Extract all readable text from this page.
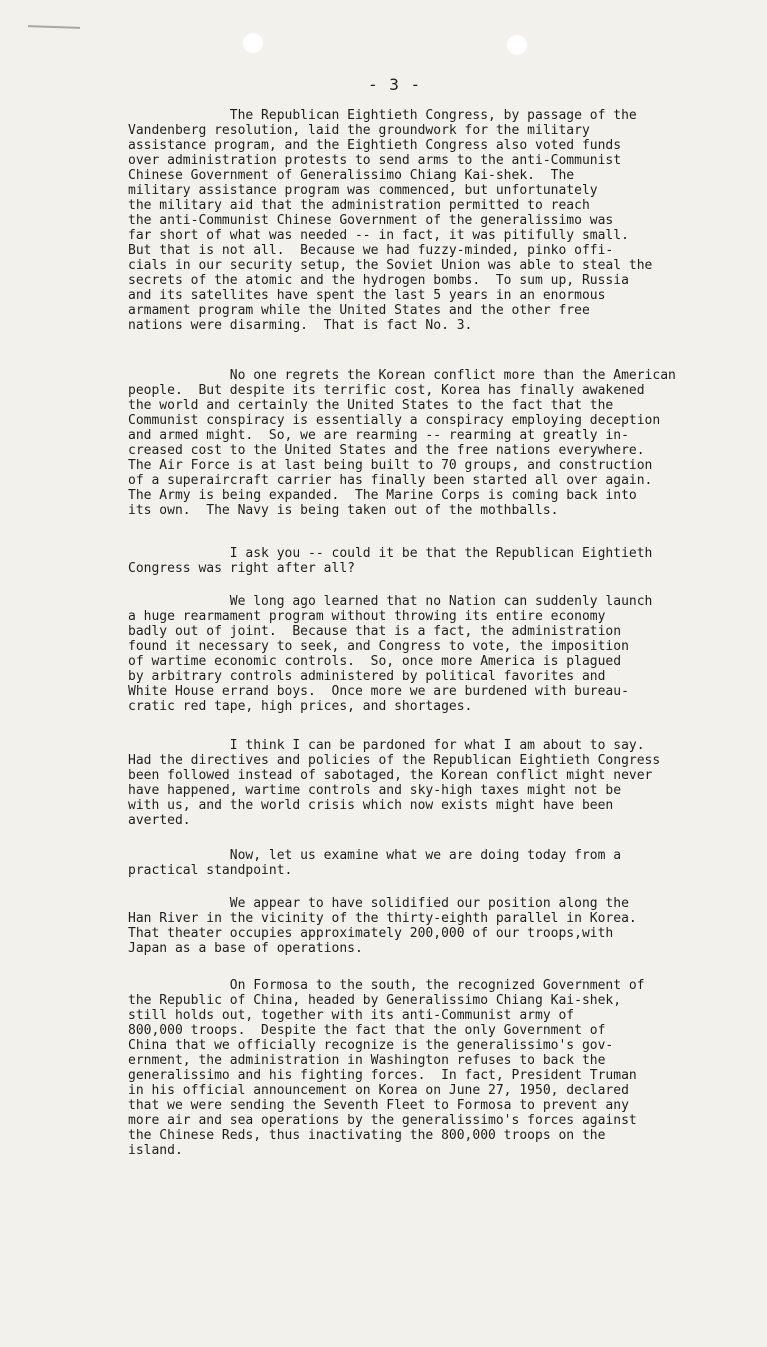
- 3 -
The Republican Eightieth Congress, by passage of the
Vandenberg resolution, laid the groundwork for the military
assistance program, and the Eightieth Congress also voted funds
over administration protests to send arms to the anti-Communist
Chinese Government of Generalissimo Chiang Kai-shek.  The
military assistance program was commenced, but unfortunately
the military aid that the administration permitted to reach
the anti-Communist Chinese Government of the generalissimo was
far short of what was needed -- in fact, it was pitifully small.
But that is not all.  Because we had fuzzy-minded, pinko offi-
cials in our security setup, the Soviet Union was able to steal the
secrets of the atomic and the hydrogen bombs.  To sum up, Russia
and its satellites have spent the last 5 years in an enormous
armament program while the United States and the other free
nations were disarming.  That is fact No. 3.
No one regrets the Korean conflict more than the American
people.  But despite its terrific cost, Korea has finally awakened
the world and certainly the United States to the fact that the
Communist conspiracy is essentially a conspiracy employing deception
and armed might.  So, we are rearming -- rearming at greatly in-
creased cost to the United States and the free nations everywhere.
The Air Force is at last being built to 70 groups, and construction
of a superaircraft carrier has finally been started all over again.
The Army is being expanded.  The Marine Corps is coming back into
its own.  The Navy is being taken out of the mothballs.
I ask you -- could it be that the Republican Eightieth
Congress was right after all?
We long ago learned that no Nation can suddenly launch
a huge rearmament program without throwing its entire economy
badly out of joint.  Because that is a fact, the administration
found it necessary to seek, and Congress to vote, the imposition
of wartime economic controls.  So, once more America is plagued
by arbitrary controls administered by political favorites and
White House errand boys.  Once more we are burdened with bureau-
cratic red tape, high prices, and shortages.
I think I can be pardoned for what I am about to say.
Had the directives and policies of the Republican Eightieth Congress
been followed instead of sabotaged, the Korean conflict might never
have happened, wartime controls and sky-high taxes might not be
with us, and the world crisis which now exists might have been
averted.
Now, let us examine what we are doing today from a
practical standpoint.
We appear to have solidified our position along the
Han River in the vicinity of the thirty-eighth parallel in Korea.
That theater occupies approximately 200,000 of our troops,with
Japan as a base of operations.
On Formosa to the south, the recognized Government of
the Republic of China, headed by Generalissimo Chiang Kai-shek,
still holds out, together with its anti-Communist army of
800,000 troops.  Despite the fact that the only Government of
China that we officially recognize is the generalissimo's gov-
ernment, the administration in Washington refuses to back the
generalissimo and his fighting forces.  In fact, President Truman
in his official announcement on Korea on June 27, 1950, declared
that we were sending the Seventh Fleet to Formosa to prevent any
more air and sea operations by the generalissimo's forces against
the Chinese Reds, thus inactivating the 800,000 troops on the
island.
